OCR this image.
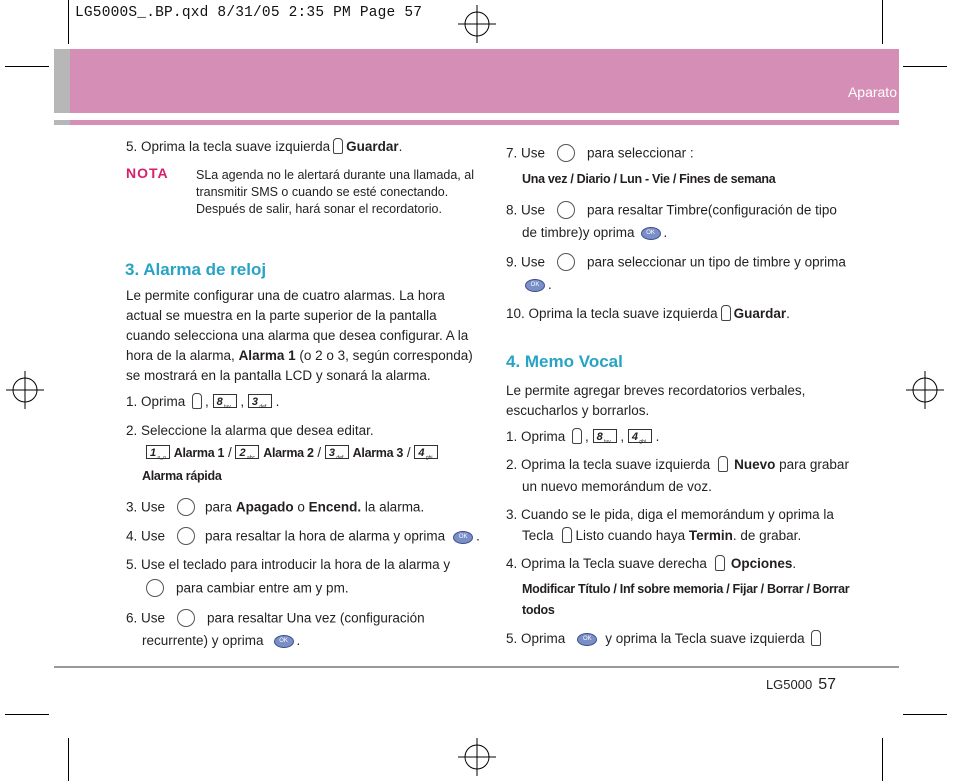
LG5000S_.BP.qxd 8/31/05 2:35 PM Page 57
Aparato
5. Oprima la tecla suave izquierda Guardar.
NOTA SLa agenda no le alertará durante una llamada, al
transmitir SMS o cuando se esté conectando.
Después de salir, hará sonar el recordatorio.
3. Alarma de reloj
Le permite configurar una de cuatro alarmas. La hora
actual se muestra en la parte superior de la pantalla
cuando selecciona una alarma que desea configurar. A la
hora de la alarma, Alarma 1 (o 2 o 3, según corresponda)
se mostrará en la pantalla LCD y sonará la alarma.
1. Oprima , 8 $_{tuv}$ , 3 $_{def}$ .
2. Seleccione la alarma que desea editar.
1 $_{o\_o}$ Alarma 1 / 2 $_{abc}$ Alarma 2 / 3 $_{def}$ Alarma 3 / 4 $_{ghi}$
Alarma rápida
3. Use	para Apagado o Encend. la alarma.
4. Use	para resaltar la hora de alarma y oprima OK .
5. Use el teclado para introducir la hora de la alarma y
para cambiar entre am y pm.
6. Use	para resaltar Una vez (configuración
recurrente) y oprima	OK .
7. Use	para seleccionar :
Una vez / Diario / Lun - Vie / Fines de semana
8. Use	para resaltar Timbre(configuración de tipo
de timbre)y oprima OK .
9. Use	para seleccionar un tipo de timbre y oprima
OK .
10. Oprima la tecla suave izquierda Guardar.
4. Memo Vocal
Le permite agregar breves recordatorios verbales,
escucharlos y borrarlos.
1. Oprima , 8 $_{tuv}$ , 4 $_{ghi}$ .
2. Oprima la tecla suave izquierda Nuevo para grabar
un nuevo memorándum de voz.
3. Cuando se le pida, diga el memorándum y oprima la
Tecla Listo cuando haya Termin. de grabar.
4. Oprima la Tecla suave derecha Opciones.
Modificar Título / Inf sobre memoria / Fijar / Borrar / Borrar
todos
5. Oprima	OK y oprima la Tecla suave izquierda
LG5000 57
